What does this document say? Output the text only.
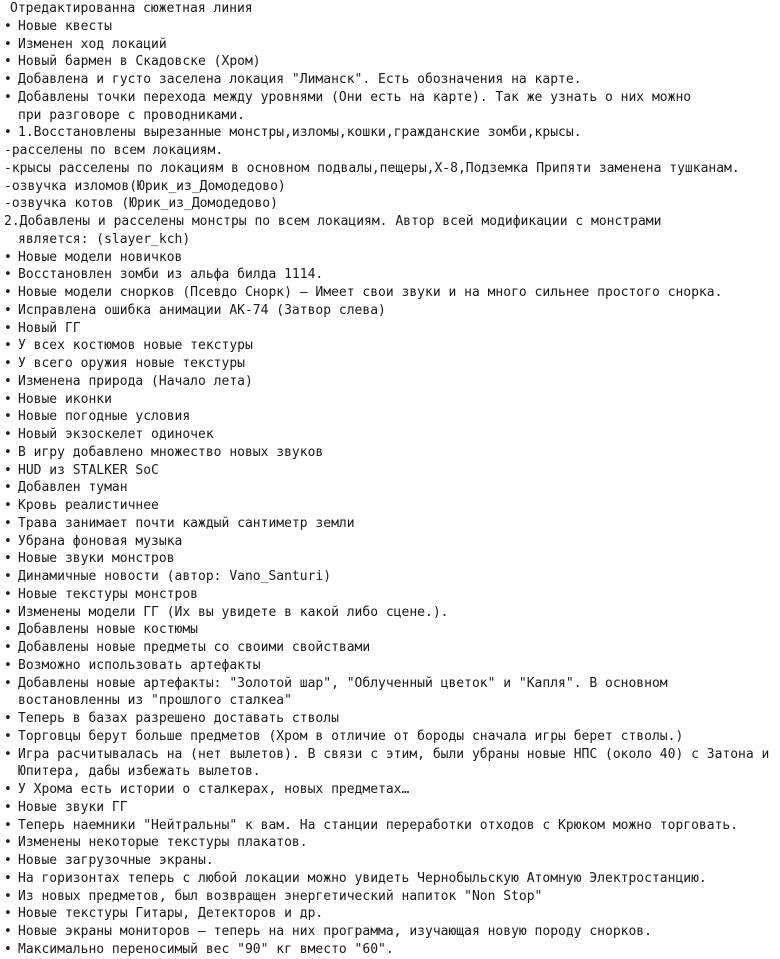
Отредактированна сюжетная линия
• Новые квесты
• Изменен ход локаций
• Новый бармен в Скадовске (Хром)
• Добавлена и густо заселена локация "Лиманск". Есть обозначения на карте.
• Добавлены точки перехода между уровнями (Они есть на карте). Так же узнать о них можно
при разговоре с проводниками.
• 1.Восстановлены вырезанные монстры,изломы,кошки,гражданские зомби,крысы.
-расселены по всем локациям.
-крысы расселены по локациям в основном подвалы,пещеры,Х-8,Подземка Припяти заменена тушканам.
-озвучка изломов(Юрик_из_Домодедово)
-озвучка котов (Юрик_из_Домодедово)
2.Добавлены и расселены монстры по всем локациям. Автор всей модификации с монстрами
является: (slayer_kch)
• Новые модели новичков
• Восстановлен зомби из альфа билда 1114.
• Новые модели снорков (Псевдо Снорк) – Имеет свои звуки и на много сильнее простого снорка.
• Исправлена ошибка анимации АК-74 (Затвор слева)
• Новый ГГ
• У всех костюмов новые текстуры
• У всего оружия новые текстуры
• Изменена природа (Начало лета)
• Новые иконки
• Новые погодные условия
• Новый экзоскелет одиночек
• В игру добавлено множество новых звуков
• HUD из STALKER SoC
• Добавлен туман
• Кровь реалистичнее
• Трава занимает почти каждый сантиметр земли
• Убрана фоновая музыка
• Новые звуки монстров
• Динамичные новости (автор: Vano_Santuri)
• Новые текстуры монстров
• Изменены модели ГГ (Их вы увидете в какой либо сцене.).
• Добавлены новые костюмы
• Добавлены новые предметы со своими свойствами
• Возможно использовать артефакты
• Добавлены новые артефакты: "Золотой шар", "Облученный цветок" и "Капля". В основном
востановленны из "прошлого сталкеа"
• Теперь в базах разрешено доставать стволы
• Торговцы берут больше предметов (Хром в отличие от бороды сначала игры берет стволы.)
• Игра расчитывалась на (нет вылетов). В связи с этим, были убраны новые НПС (около 40) с Затона и
Юпитера, дабы избежать вылетов.
• У Хрома есть истории о сталкерах, новых предметах…
• Новые звуки ГГ
• Теперь наемники "Нейтральны" к вам. На станции переработки отходов с Крюком можно торговать.
• Изменены некоторые текстуры плакатов.
• Новые загрузочные экраны.
• На горизонтах теперь с любой локации можно увидеть Чернобыльскую Атомную Электростанцию.
• Из новых предметов, был возвращен энергетический напиток "Non Stop"
• Новые текстуры Гитары, Детекторов и др.
• Новые экраны мониторов – теперь на них программа, изучающая новую породу снорков.
• Максимально переносимый вес "90" кг вместо "60".
